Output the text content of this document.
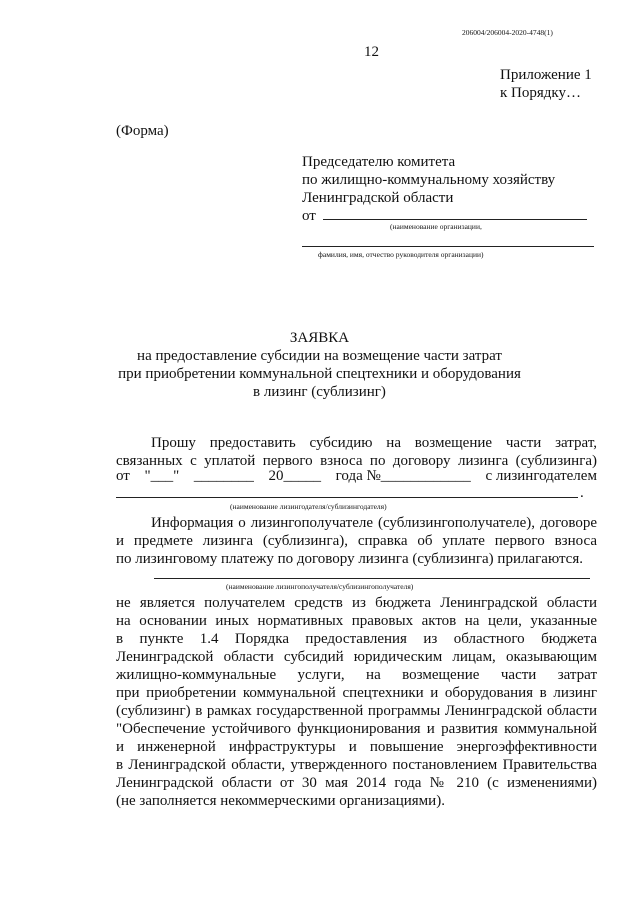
206004/206004-2020-4748(1)
12
Приложение 1
к Порядку…
(Форма)
Председателю комитета
по жилищно-коммунальному хозяйству
Ленинградской области
от
(наименование организации,
фамилия, имя, отчество руководителя организации)
ЗАЯВКА
на предоставление субсидии на возмещение части затрат
при приобретении коммунальной спецтехники и оборудования
в лизинг (сублизинг)
Прошу предоставить субсидию на возмещение части затрат,
связанных с уплатой первого взноса по договору лизинга (сублизинга)
от "___" ________ 20_____ года №____________ с лизингодателем
.
(наименование лизингодателя/сублизингодателя)
Информация о лизингополучателе (сублизингополучателе), договоре
и предмете лизинга (сублизинга), справка об уплате первого взноса
по лизинговому платежу по договору лизинга (сублизинга) прилагаются.
(наименование лизингополучателя/сублизингополучателя)
не является получателем средств из бюджета Ленинградской области
на основании иных нормативных правовых актов на цели, указанные
в пункте 1.4 Порядка предоставления из областного бюджета
Ленинградской области субсидий юридическим лицам, оказывающим
жилищно-коммунальные услуги, на возмещение части затрат
при приобретении коммунальной спецтехники и оборудования в лизинг
(сублизинг) в рамках государственной программы Ленинградской области
"Обеспечение устойчивого функционирования и развития коммунальной
и инженерной инфраструктуры и повышение энергоэффективности
в Ленинградской области, утвержденного постановлением Правительства
Ленинградской области от 30 мая 2014 года № 210 (с изменениями)
(не заполняется некоммерческими организациями).
